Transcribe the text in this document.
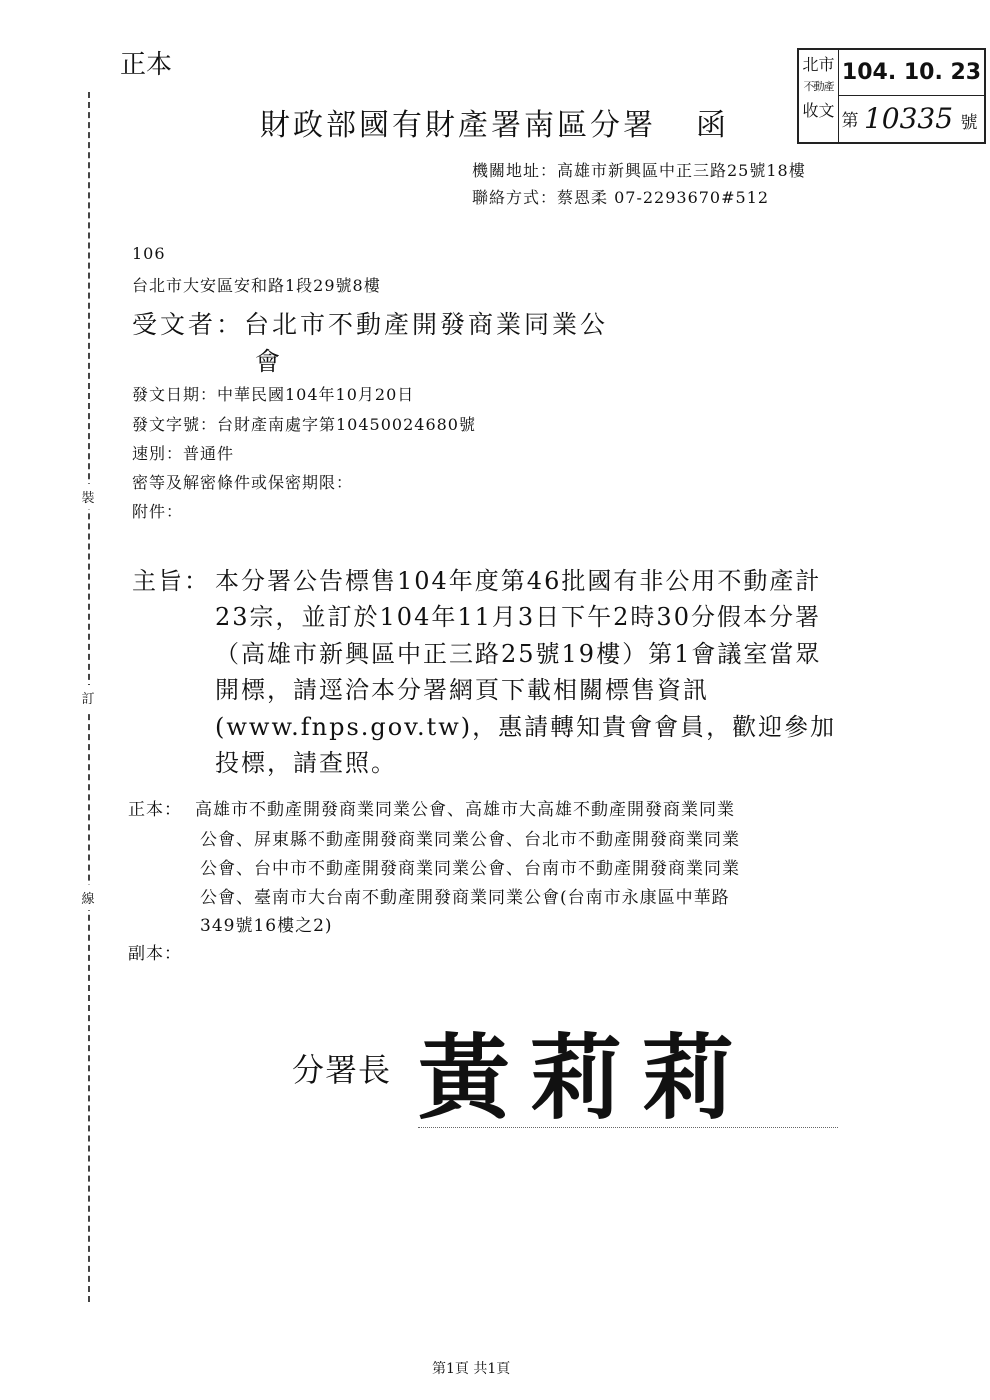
正本
財政部國有財產署南區分署 函
北市
不動產
收文
104. 10. 23
第 10335 號
機關地址：高雄市新興區中正三路25號18樓
聯絡方式：蔡恩柔 07-2293670#512
裝
訂
線
106
台北市大安區安和路1段29號8樓
受文者：台北市不動產開發商業同業公
會
發文日期：中華民國104年10月20日
發文字號：台財產南處字第10450024680號
速別：普通件
密等及解密條件或保密期限：
附件：
主旨： 本分署公告標售104年度第46批國有非公用不動產計
23宗，並訂於104年11月3日下午2時30分假本分署
（高雄市新興區中正三路25號19樓）第1會議室當眾
開標，請逕洽本分署網頁下載相關標售資訊
(www.fnps.gov.tw)，惠請轉知貴會會員，歡迎參加
投標，請查照。
正本： 高雄市不動產開發商業同業公會、高雄市大高雄不動產開發商業同業
公會、屏東縣不動產開發商業同業公會、台北市不動產開發商業同業
公會、台中市不動產開發商業同業公會、台南市不動產開發商業同業
公會、臺南市大台南不動產開發商業同業公會(台南市永康區中華路
349號16樓之2)
副本：
分署長 黃莉莉
第1頁 共1頁
